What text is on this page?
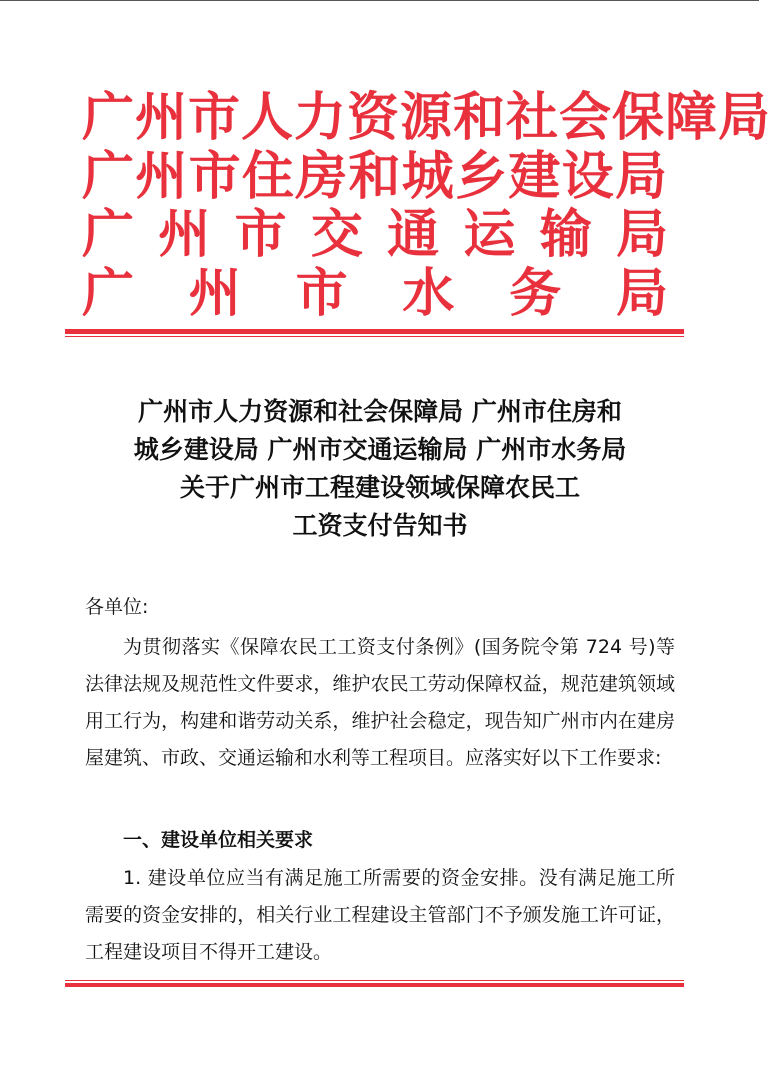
广州市人力资源和社会保障局
广州市住房和城乡建设局
广州市交通运输局
广州市水务局
广州市人力资源和社会保障局 广州市住房和
城乡建设局 广州市交通运输局 广州市水务局
关于广州市工程建设领域保障农民工
工资支付告知书
各单位:
为贯彻落实《保障农民工工资支付条例》(国务院令第 724 号)等法律法规及规范性文件要求，维护农民工劳动保障权益，规范建筑领域用工行为，构建和谐劳动关系，维护社会稳定，现告知广州市内在建房屋建筑、市政、交通运输和水利等工程项目。应落实好以下工作要求:
一、建设单位相关要求
1. 建设单位应当有满足施工所需要的资金安排。没有满足施工所需要的资金安排的，相关行业工程建设主管部门不予颁发施工许可证，工程建设项目不得开工建设。
